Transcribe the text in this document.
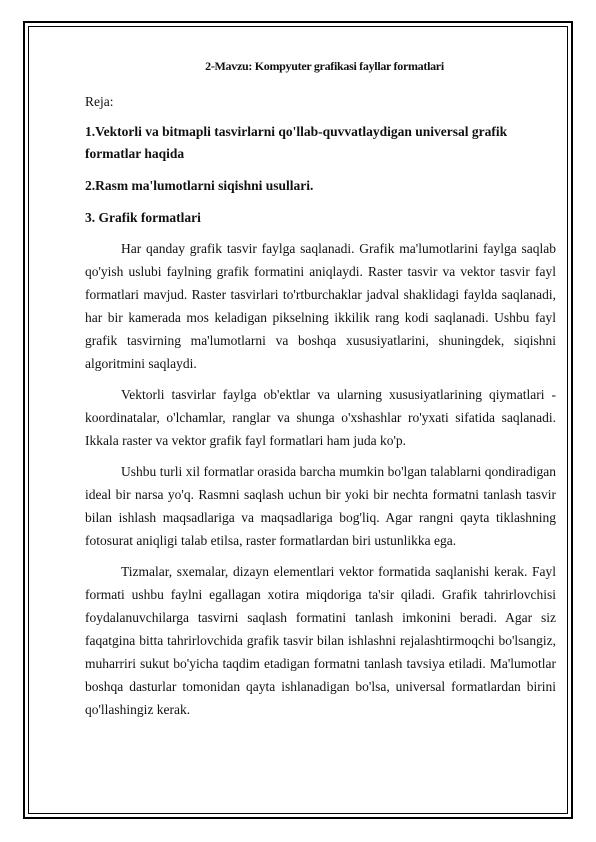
2-Mavzu: Kompyuter grafikasi fayllar formatlari
Reja:
1.Vektorli va bitmapli tasvirlarni qo'llab-quvvatlaydigan universal grafik formatlar haqida
2.Rasm ma'lumotlarni siqishni usullari.
3. Grafik formatlari
Har qanday grafik tasvir faylga saqlanadi. Grafik ma'lumotlarini faylga saqlab qo'yish uslubi faylning grafik formatini aniqlaydi. Raster tasvir va vektor tasvir fayl formatlari mavjud. Raster tasvirlari to'rtburchaklar jadval shaklidagi faylda saqlanadi, har bir kamerada mos keladigan pikselning ikkilik rang kodi saqlanadi. Ushbu fayl grafik tasvirning ma'lumotlarni va boshqa xususiyatlarini, shuningdek, siqishni algoritmini saqlaydi.
Vektorli tasvirlar faylga ob'ektlar va ularning xususiyatlarining qiymatlari - koordinatalar, o'lchamlar, ranglar va shunga o'xshashlar ro'yxati sifatida saqlanadi. Ikkala raster va vektor grafik fayl formatlari ham juda ko'p.
Ushbu turli xil formatlar orasida barcha mumkin bo'lgan talablarni qondiradigan ideal bir narsa yo'q. Rasmni saqlash uchun bir yoki bir nechta formatni tanlash tasvir bilan ishlash maqsadlariga va maqsadlariga bog'liq. Agar rangni qayta tiklashning fotosurat aniqligi talab etilsa, raster formatlardan biri ustunlikka ega.
Tizmalar, sxemalar, dizayn elementlari vektor formatida saqlanishi kerak. Fayl formati ushbu faylni egallagan xotira miqdoriga ta'sir qiladi. Grafik tahrirlovchisi foydalanuvchilarga tasvirni saqlash formatini tanlash imkonini beradi. Agar siz faqatgina bitta tahrirlovchida grafik tasvir bilan ishlashni rejalashtirmoqchi bo'lsangiz, muharriri sukut bo'yicha taqdim etadigan formatni tanlash tavsiya etiladi. Ma'lumotlar boshqa dasturlar tomonidan qayta ishlanadigan bo'lsa, universal formatlardan birini qo'llashingiz kerak.
